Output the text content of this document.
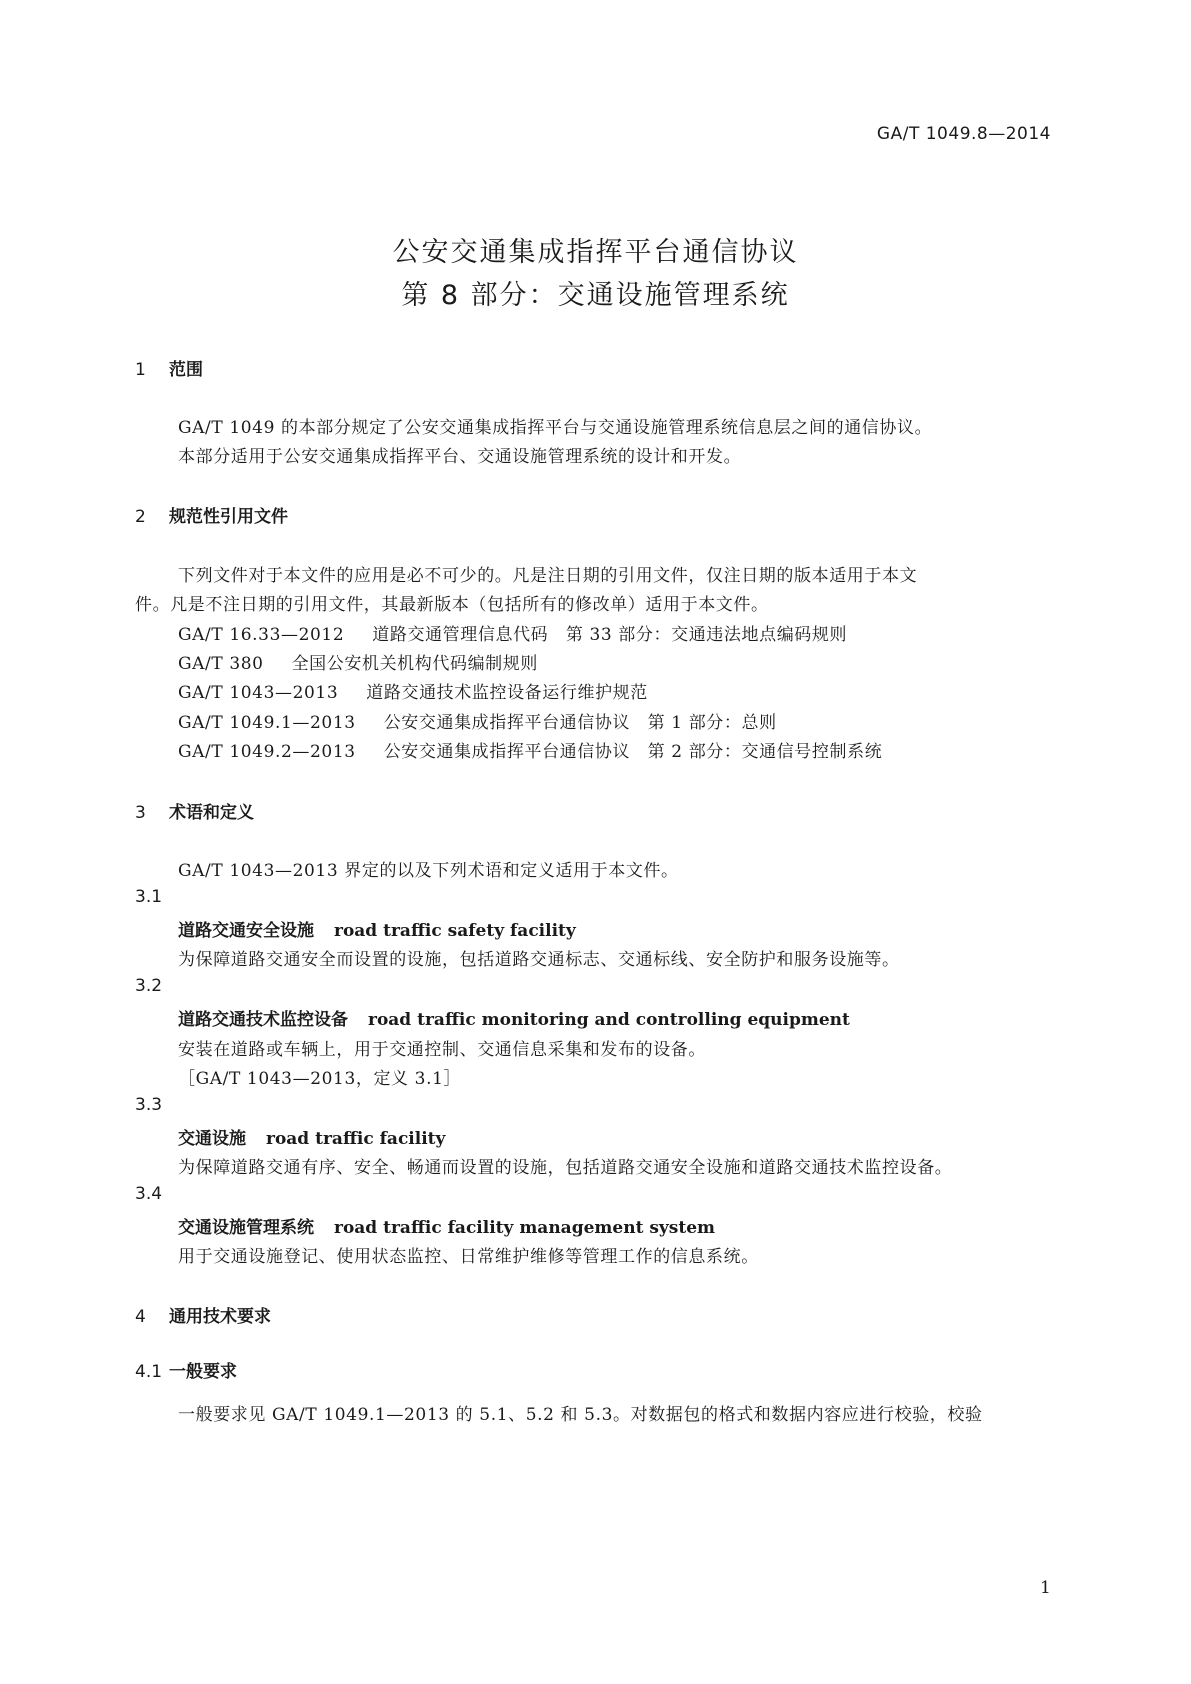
GA/T 1049.8—2014
公安交通集成指挥平台通信协议
第 8 部分：交通设施管理系统
1 范围
GA/T 1049 的本部分规定了公安交通集成指挥平台与交通设施管理系统信息层之间的通信协议。
本部分适用于公安交通集成指挥平台、交通设施管理系统的设计和开发。
2 规范性引用文件
下列文件对于本文件的应用是必不可少的。凡是注日期的引用文件，仅注日期的版本适用于本文
件。凡是不注日期的引用文件，其最新版本（包括所有的修改单）适用于本文件。
GA/T 16.33—2012 道路交通管理信息代码　第 33 部分：交通违法地点编码规则
GA/T 380 全国公安机关机构代码编制规则
GA/T 1043—2013 道路交通技术监控设备运行维护规范
GA/T 1049.1—2013 公安交通集成指挥平台通信协议　第 1 部分：总则
GA/T 1049.2—2013 公安交通集成指挥平台通信协议　第 2 部分：交通信号控制系统
3 术语和定义
GA/T 1043—2013 界定的以及下列术语和定义适用于本文件。
3.1
道路交通安全设施 road traffic safety facility
为保障道路交通安全而设置的设施，包括道路交通标志、交通标线、安全防护和服务设施等。
3.2
道路交通技术监控设备 road traffic monitoring and controlling equipment
安装在道路或车辆上，用于交通控制、交通信息采集和发布的设备。
［GA/T 1043—2013，定义 3.1］
3.3
交通设施 road traffic facility
为保障道路交通有序、安全、畅通而设置的设施，包括道路交通安全设施和道路交通技术监控设备。
3.4
交通设施管理系统 road traffic facility management system
用于交通设施登记、使用状态监控、日常维护维修等管理工作的信息系统。
4 通用技术要求
4.1 一般要求
一般要求见 GA/T 1049.1—2013 的 5.1、5.2 和 5.3。对数据包的格式和数据内容应进行校验，校验
1
